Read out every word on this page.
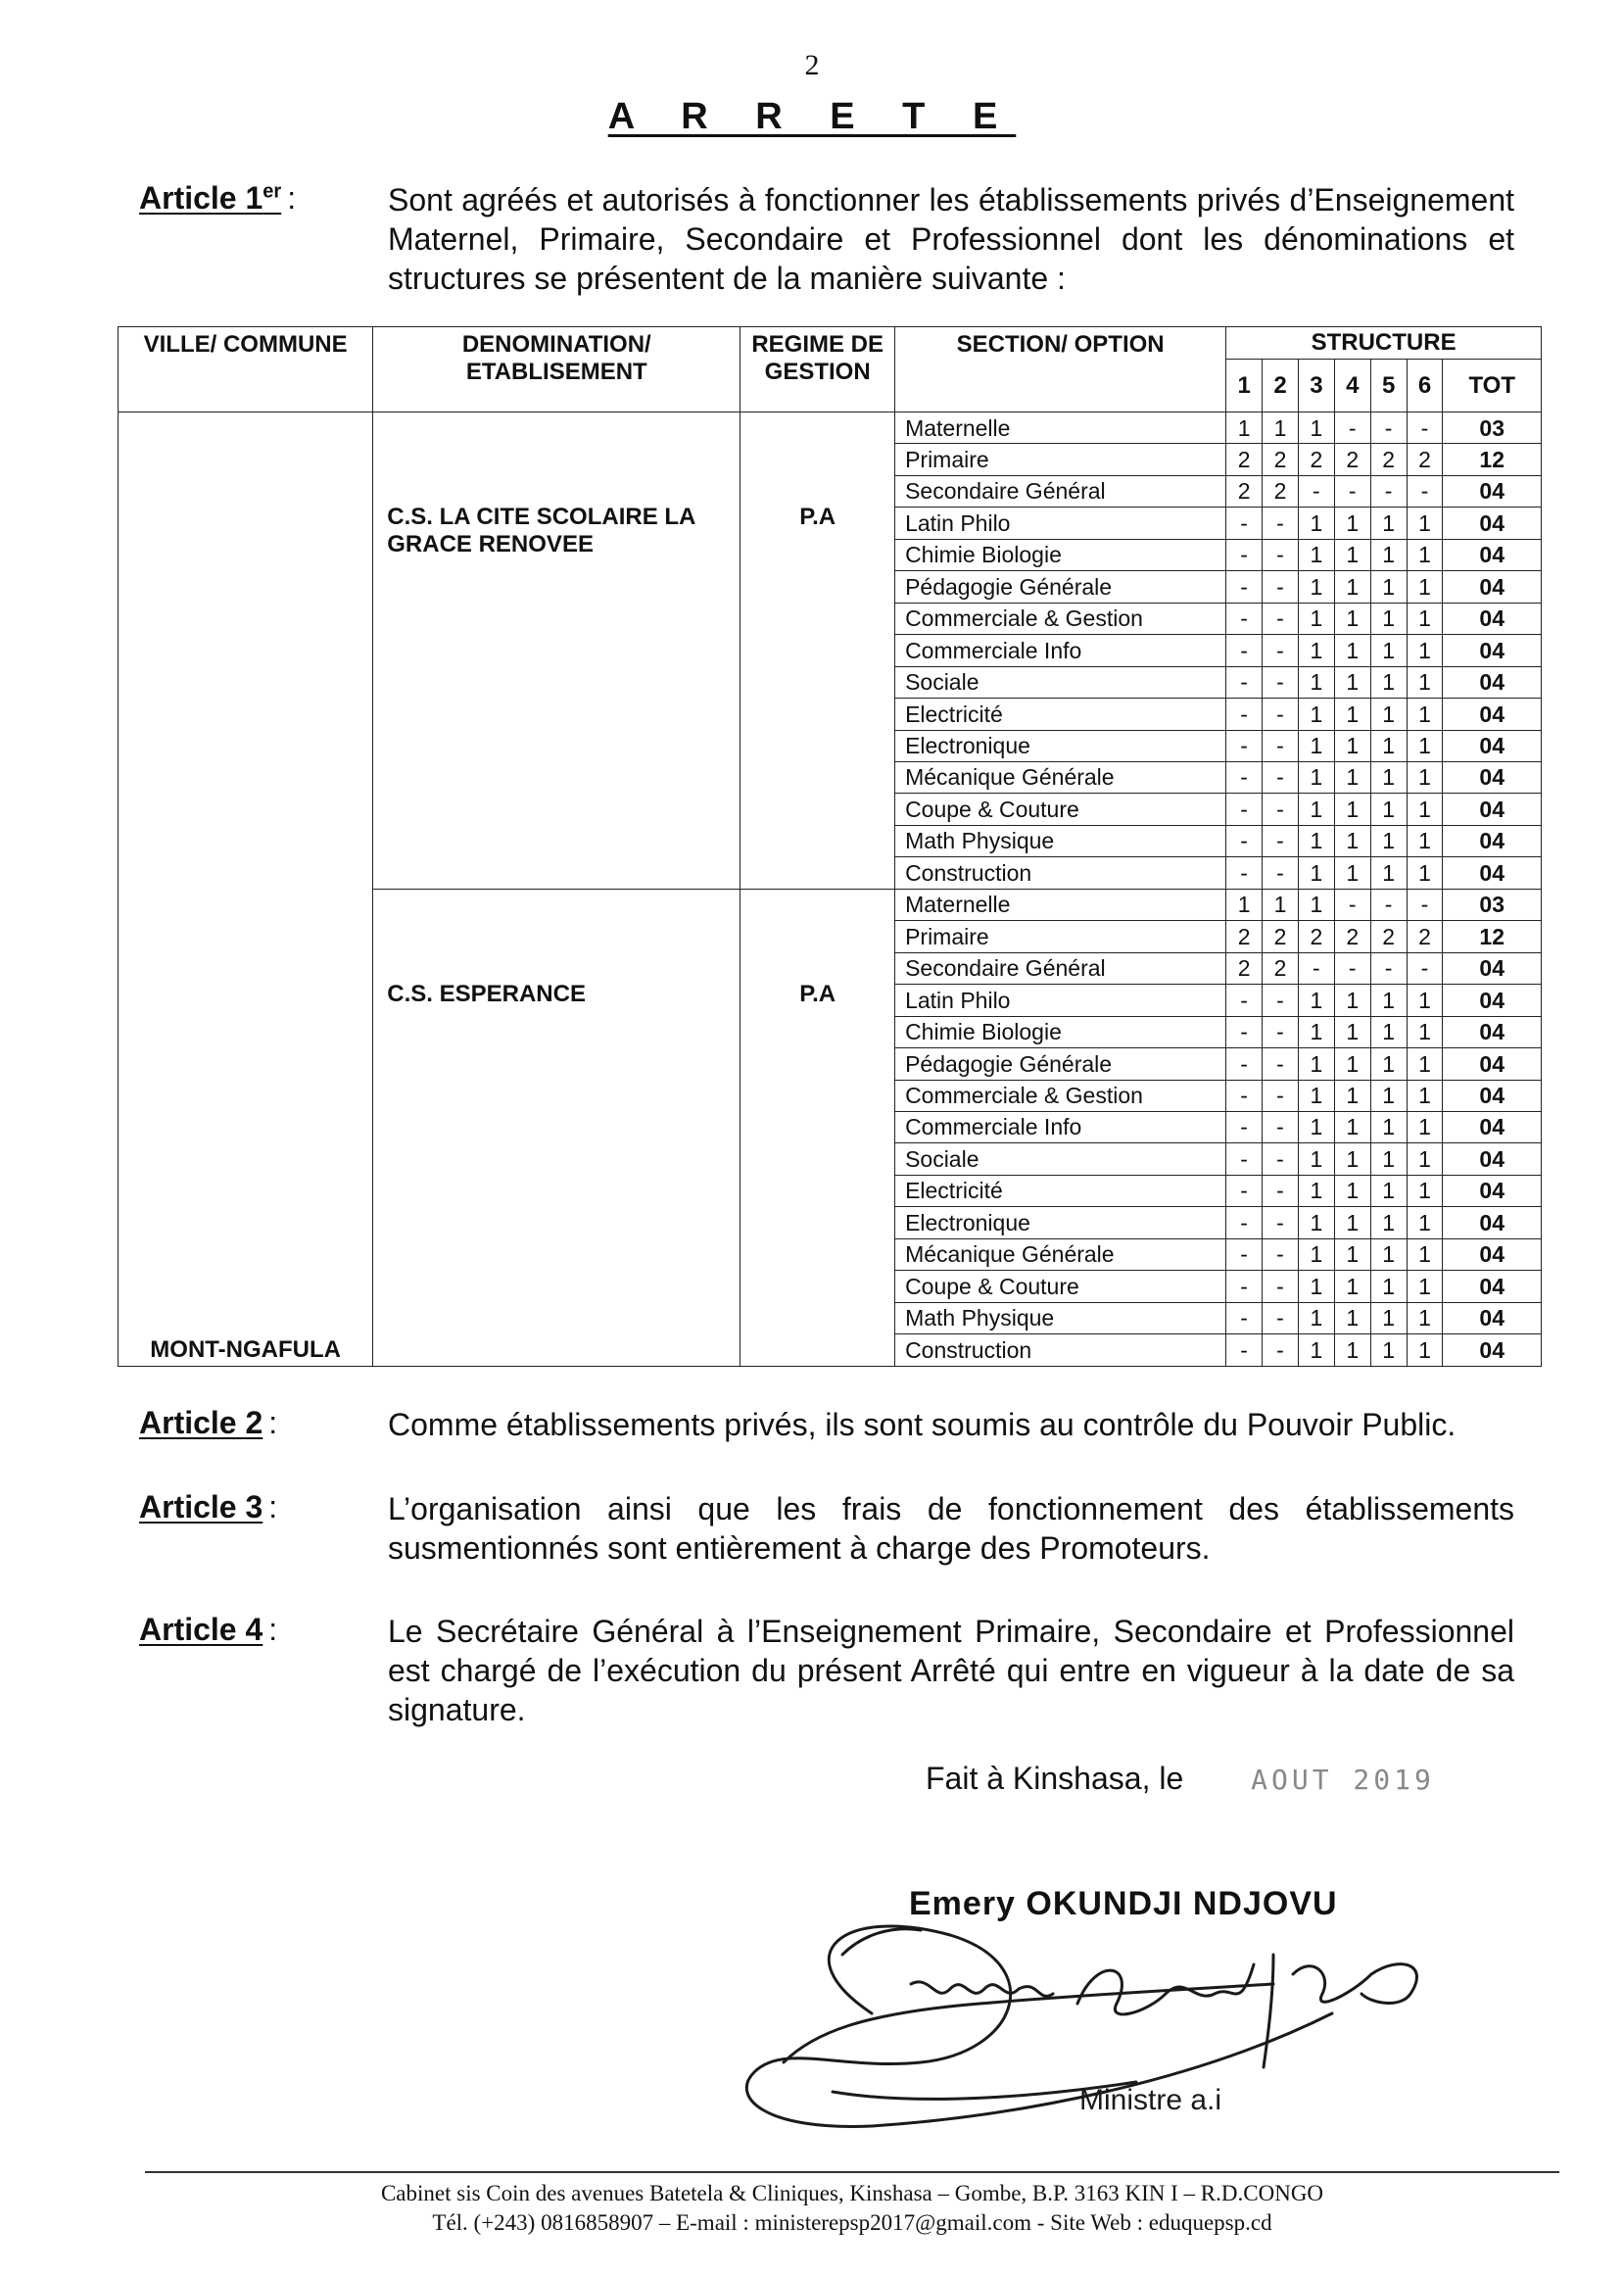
2
A R R E T E
Article 1er :	Sont agréés et autorisés à fonctionner les établissements privés d’Enseignement Maternel, Primaire, Secondaire et Professionnel dont les dénominations et structures se présentent de la manière suivante :
VILLE/ COMMUNE	DENOMINATION/ ETABLISEMENT	REGIME DE GESTION	SECTION/ OPTION	STRUCTURE						
				1	2	3	4	5	6	TOT
MONT-NGAFULA	C.S. LA CITE SCOLAIRE LA GRACE RENOVEE	P.A	Maternelle	1	1	1	-	-	-	03
			Primaire	2	2	2	2	2	2	12
			Secondaire Général	2	2	-	-	-	-	04
			Latin Philo	-	-	1	1	1	1	04
			Chimie Biologie	-	-	1	1	1	1	04
			Pédagogie Générale	-	-	1	1	1	1	04
			Commerciale & Gestion	-	-	1	1	1	1	04
			Commerciale Info	-	-	1	1	1	1	04
			Sociale	-	-	1	1	1	1	04
			Electricité	-	-	1	1	1	1	04
			Electronique	-	-	1	1	1	1	04
			Mécanique Générale	-	-	1	1	1	1	04
			Coupe & Couture	-	-	1	1	1	1	04
			Math Physique	-	-	1	1	1	1	04
			Construction	-	-	1	1	1	1	04
	C.S. ESPERANCE	P.A	Maternelle	1	1	1	-	-	-	03
			Primaire	2	2	2	2	2	2	12
			Secondaire Général	2	2	-	-	-	-	04
			Latin Philo	-	-	1	1	1	1	04
			Chimie Biologie	-	-	1	1	1	1	04
			Pédagogie Générale	-	-	1	1	1	1	04
			Commerciale & Gestion	-	-	1	1	1	1	04
			Commerciale Info	-	-	1	1	1	1	04
			Sociale	-	-	1	1	1	1	04
			Electricité	-	-	1	1	1	1	04
			Electronique	-	-	1	1	1	1	04
			Mécanique Générale	-	-	1	1	1	1	04
			Coupe & Couture	-	-	1	1	1	1	04
			Math Physique	-	-	1	1	1	1	04
			Construction	-	-	1	1	1	1	04
Article 2 :	Comme établissements privés, ils sont soumis au contrôle du Pouvoir Public.
Article 3 :	L’organisation ainsi que les frais de fonctionnement des établissements susmentionnés sont entièrement à charge des Promoteurs.
Article 4 :	Le Secrétaire Général à l’Enseignement Primaire, Secondaire et Professionnel est chargé de l’exécution du présent Arrêté qui entre en vigueur à la date de sa signature.
Fait à Kinshasa, le AOUT 2019
Emery OKUNDJI NDJOVU
Ministre a.i
Cabinet sis Coin des avenues Batetela & Cliniques, Kinshasa – Gombe, B.P. 3163 KIN I – R.D.CONGO
Tél. (+243) 0816858907 – E-mail : ministerepsp2017@gmail.com - Site Web : eduquepsp.cd
